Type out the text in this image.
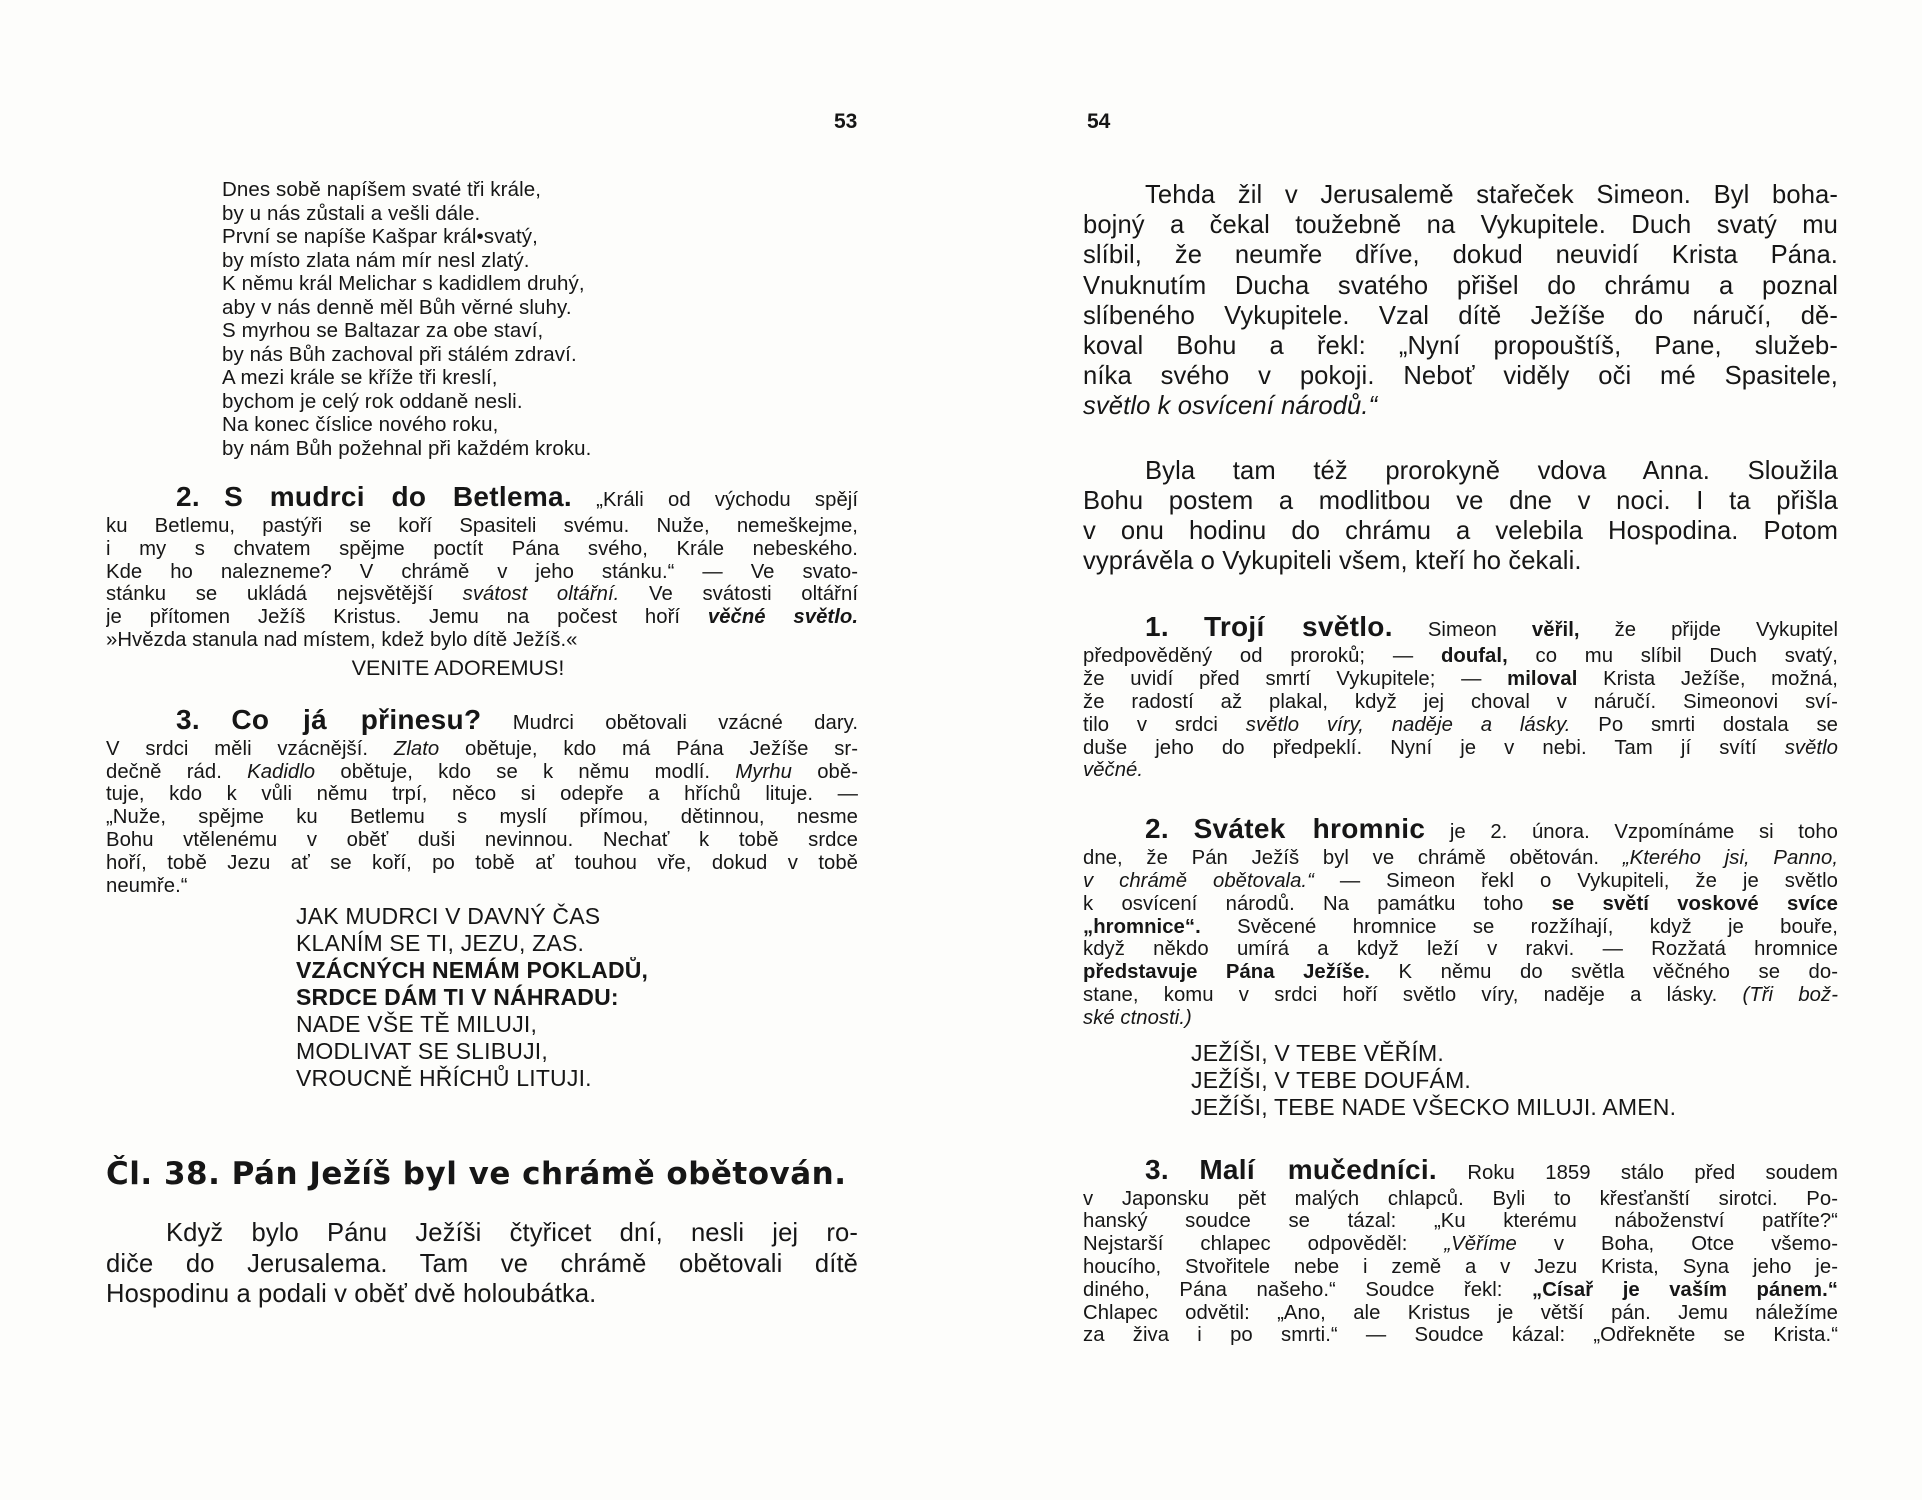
53
Dnes sobě napíšem svaté tři krále,
by u nás zůstali a vešli dále.
První se napíše Kašpar král•svatý,
by místo zlata nám mír nesl zlatý.
K němu král Melichar s kadidlem druhý,
aby v nás denně měl Bůh věrné sluhy.
S myrhou se Baltazar za obe staví,
by nás Bůh zachoval při stálém zdraví.
A mezi krále se kříže tři kreslí,
bychom je celý rok oddaně nesli.
Na konec číslice nového roku,
by nám Bůh požehnal při každém kroku.
2. S mudrci do Betlema. „Králi od východu spějí
ku Betlemu, pastýři se koří Spasiteli svému. Nuže, nemeškejme,
i my s chvatem spějme poctít Pána svého, Krále nebeského.
Kde ho nalezneme? V chrámě v jeho stánku.“ — Ve svato-
stánku se ukládá nejsvětější svátost oltářní. Ve svátosti oltářní
je přítomen Ježíš Kristus. Jemu na počest hoří věčné světlo.
»Hvězda stanula nad místem, kdež bylo dítě Ježíš.«
VENITE ADOREMUS!
3. Co já přinesu? Mudrci obětovali vzácné dary.
V srdci měli vzácnější. Zlato obětuje, kdo má Pána Ježíše sr-
dečně rád. Kadidlo obětuje, kdo se k němu modlí. Myrhu obě-
tuje, kdo k vůli němu trpí, něco si odepře a hříchů lituje. —
„Nuže, spějme ku Betlemu s myslí přímou, dětinnou, nesme
Bohu vtělenému v oběť duši nevinnou. Nechať k tobě srdce
hoří, tobě Jezu ať se koří, po tobě ať touhou vře, dokud v tobě
neumře.“
JAK MUDRCI V DAVNÝ ČAS
KLANÍM SE TI, JEZU, ZAS.
VZÁCNÝCH NEMÁM POKLADŮ,
SRDCE DÁM TI V NÁHRADU:
NADE VŠE TĚ MILUJI,
MODLIVAT SE SLIBUJI,
VROUCNĚ HŘÍCHŮ LITUJI.
Čl. 38. Pán Ježíš byl ve chrámě obětován.
Když bylo Pánu Ježíši čtyřicet dní, nesli jej ro-
diče do Jerusalema. Tam ve chrámě obětovali dítě
Hospodinu a podali v oběť dvě holoubátka.
54
Tehda žil v Jerusalemě stařeček Simeon. Byl boha-
bojný a čekal toužebně na Vykupitele. Duch svatý mu
slíbil, že neumře dříve, dokud neuvidí Krista Pána.
Vnuknutím Ducha svatého přišel do chrámu a poznal
slíbeného Vykupitele. Vzal dítě Ježíše do náručí, dě-
koval Bohu a řekl: „Nyní propouštíš, Pane, služeb-
níka svého v pokoji. Neboť viděly oči mé Spasitele,
světlo k osvícení národů.“
Byla tam též prorokyně vdova Anna. Sloužila
Bohu postem a modlitbou ve dne v noci. I ta přišla
v onu hodinu do chrámu a velebila Hospodina. Potom
vyprávěla o Vykupiteli všem, kteří ho čekali.
1. Trojí světlo. Simeon věřil, že přijde Vykupitel
předpověděný od proroků; — doufal, co mu slíbil Duch svatý,
že uvidí před smrtí Vykupitele; — miloval Krista Ježíše, možná,
že radostí až plakal, když jej choval v náručí. Simeonovi sví-
tilo v srdci světlo víry, naděje a lásky. Po smrti dostala se
duše jeho do předpeklí. Nyní je v nebi. Tam jí svítí světlo
věčné.
2. Svátek hromnic je 2. února. Vzpomínáme si toho
dne, že Pán Ježíš byl ve chrámě obětován. „Kterého jsi, Panno,
v chrámě obětovala.“ — Simeon řekl o Vykupiteli, že je světlo
k osvícení národů. Na památku toho se světí voskové svíce
„hromnice“. Svěcené hromnice se rozžíhají, když je bouře,
když někdo umírá a když leží v rakvi. — Rozžatá hromnice
představuje Pána Ježíše. K němu do světla věčného se do-
stane, komu v srdci hoří světlo víry, naděje a lásky. (Tři bož-
ské ctnosti.)
JEŽÍŠI, V TEBE VĚŘÍM.
JEŽÍŠI, V TEBE DOUFÁM.
JEŽÍŠI, TEBE NADE VŠECKO MILUJI. AMEN.
3. Malí mučedníci. Roku 1859 stálo před soudem
v Japonsku pět malých chlapců. Byli to křesťanští sirotci. Po-
hanský soudce se tázal: „Ku kterému náboženství patříte?“
Nejstarší chlapec odpověděl: „Věříme v Boha, Otce všemo-
houcího, Stvořitele nebe i země a v Jezu Krista, Syna jeho je-
diného, Pána našeho.“ Soudce řekl: „Císař je vaším pánem.“
Chlapec odvětil: „Ano, ale Kristus je větší pán. Jemu náležíme
za živa i po smrti.“ — Soudce kázal: „Odřekněte se Krista.“
